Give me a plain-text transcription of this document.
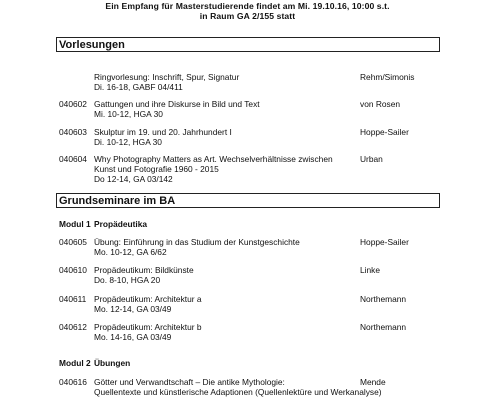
Ein Empfang für Masterstudierende findet am Mi. 19.10.16, 10:00 s.t.
in Raum GA 2/155 statt
Vorlesungen
Ringvorlesung: Inschrift, Spur, Signatur
Di. 16-18, GABF 04/411
Rehm/Simonis
040602 Gattungen und ihre Diskurse in Bild und Text
Mi. 10-12, HGA 30
von Rosen
040603 Skulptur im 19. und 20. Jahrhundert I
Di. 10-12, HGA 30
Hoppe-Sailer
040604 Why Photography Matters as Art. Wechselverhältnisse zwischen
Kunst und Fotografie 1960 - 2015
Do 12-14, GA 03/142
Urban
Grundseminare im BA
Modul 1 Propädeutika
040605 Übung: Einführung in das Studium der Kunstgeschichte
Mo. 10-12, GA 6/62
Hoppe-Sailer
040610 Propädeutikum: Bildkünste
Do. 8-10, HGA 20
Linke
040611 Propädeutikum: Architektur a
Mo. 12-14, GA 03/49
Northemann
040612 Propädeutikum: Architektur b
Mo. 14-16, GA 03/49
Northemann
Modul 2 Übungen
040616 Götter und Verwandtschaft – Die antike Mythologie:
Quellentexte und künstlerische Adaptionen (Quellenlektüre und Werkanalyse)
Mende
